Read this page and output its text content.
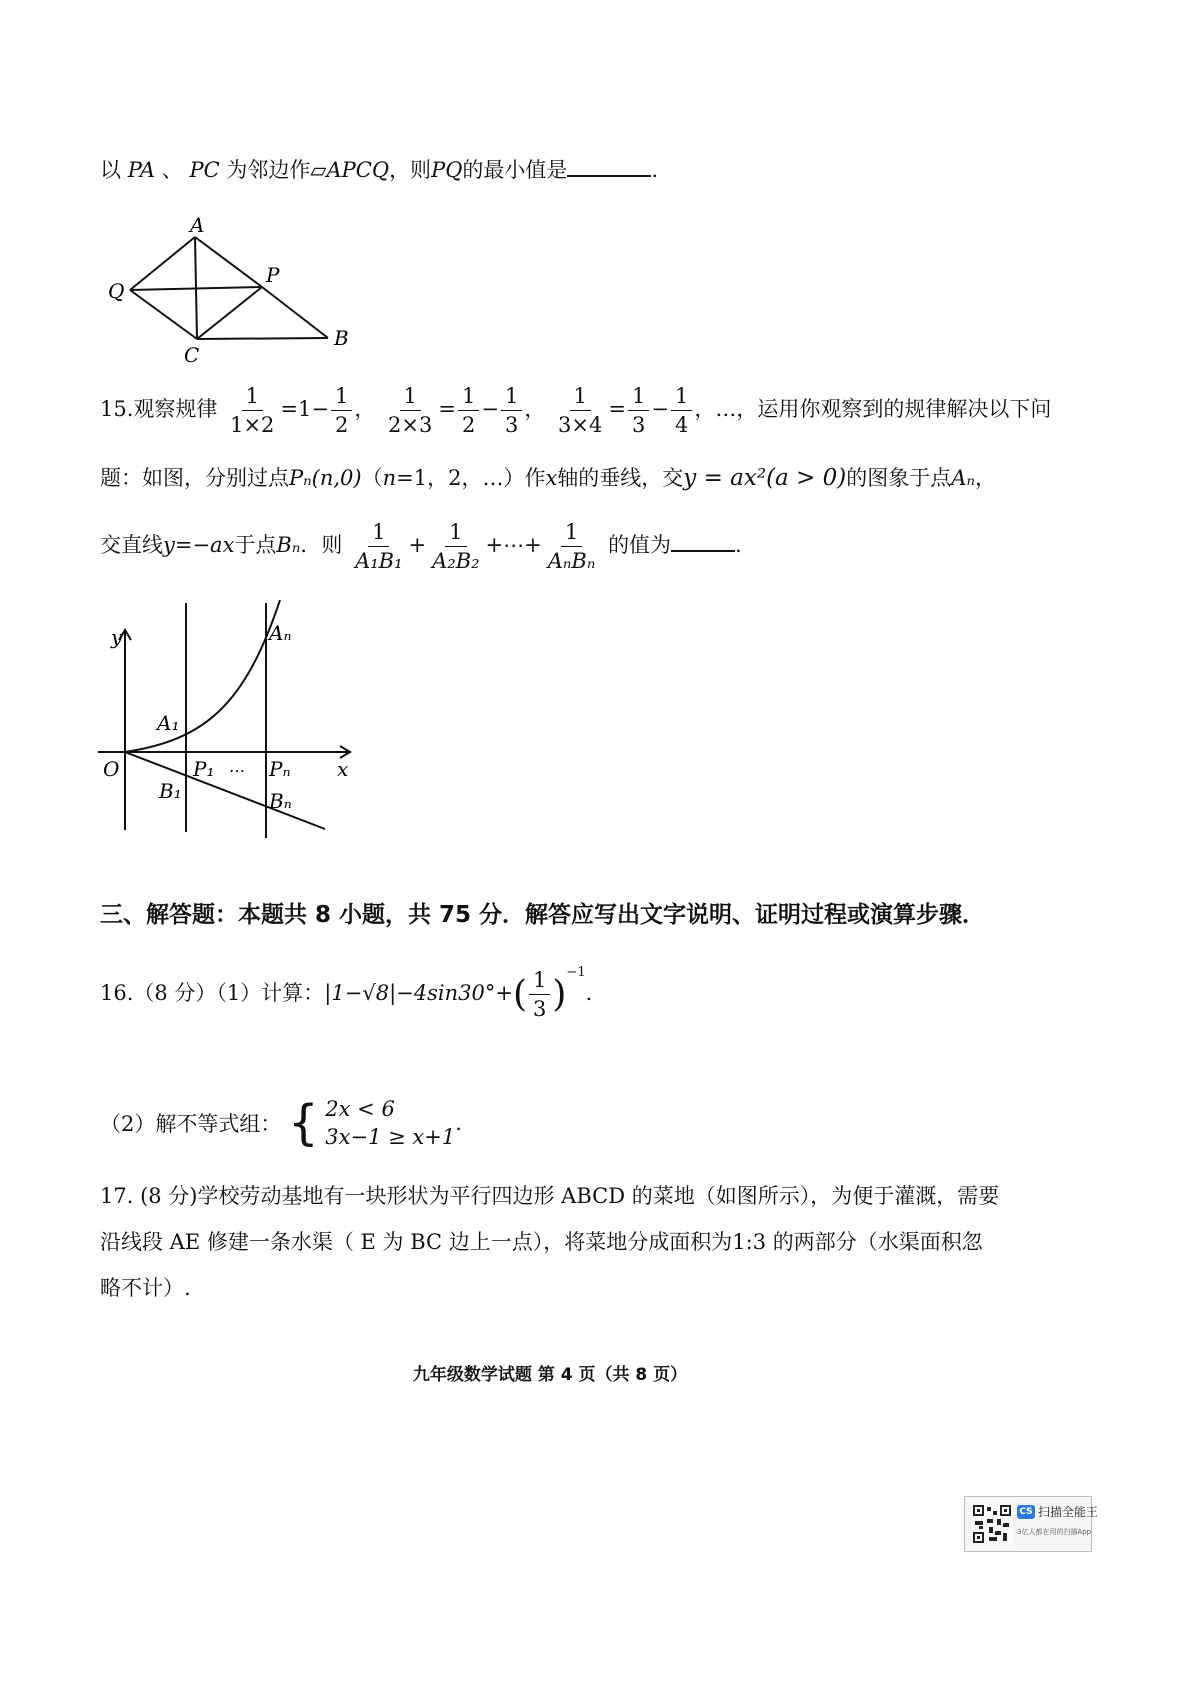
以 PA 、 PC 为邻边作▱APCQ，则PQ的最小值是	.
A
Q
P
C
B
15.观察规律 $\frac{1}{1\times 2} =1- \frac{1}{2}$ ， $\frac{1}{2\times 3} = \frac{1}{2} - \frac{1}{3}$ ， $\frac{1}{3\times 4} = \frac{1}{3} - \frac{1}{4}$ ，…，运用你观察到的规律解决以下问
题：如图，分别过点Pₙ(n,0)（n=1，2，…）作x轴的垂线，交y = ax²(a > 0)的图象于点Aₙ，
交直线y=−ax于点Bₙ．则 $\frac{1}{\text{A₁B₁}} + \frac{1}{\text{A₂B₂}}$ +⋯+ $\frac{1}{\text{AₙBₙ}}$ 的值为	.
y	Aₙ
A₁
O	P₁ … Pₙ x
B₁	Bₙ
三、解答题：本题共 8 小题，共 75 分．解答应写出文字说明、证明过程或演算步骤．
16.（8 分）（1）计算：$|1-√8|-4\sin 30^\circ+( \frac{1}{3} )^{-1}$.
（2）解不等式组： { 2x < 6
3x−1 ≥ x+1
.
17. (8 分)学校劳动基地有一块形状为平行四边形 ABCD 的菜地（如图所示），为便于灌溉，需要
沿线段 AE 修建一条水渠（ E 为 BC 边上一点），将菜地分成面积为1:3 的两部分（水渠面积忽
略不计）.
九年级数学试题 第 4 页（共 8 页）
CS 扫描全能王
3亿人都在用的扫描App
